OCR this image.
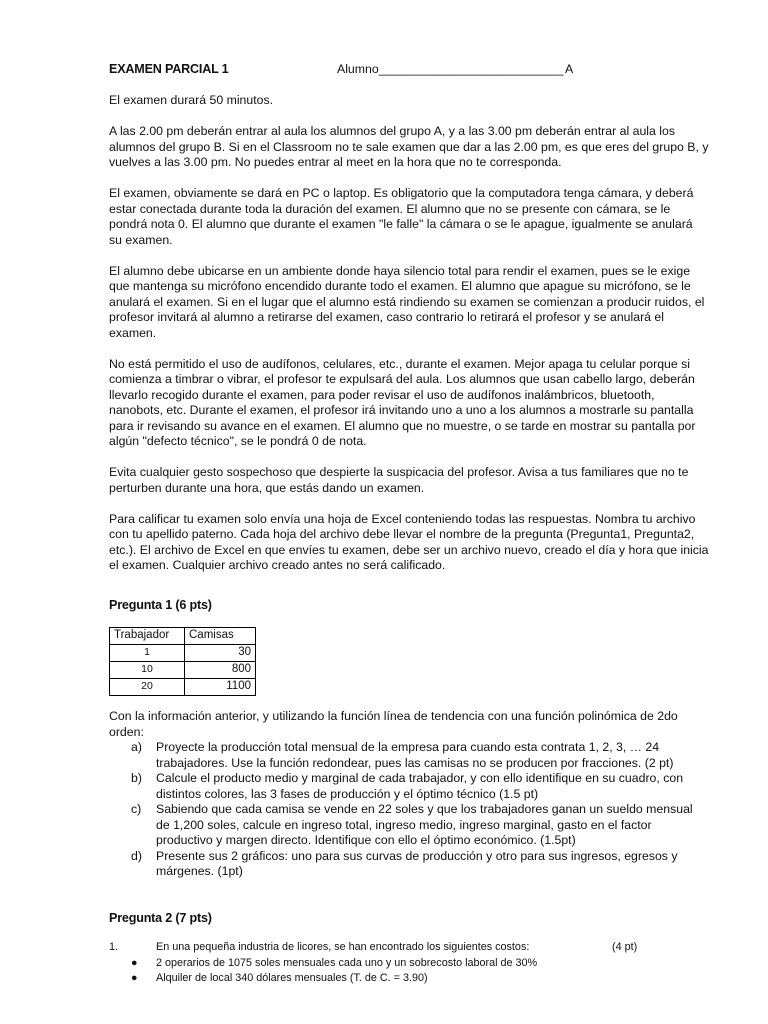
EXAMEN PARCIAL 1	Alumno___________________________ A

El examen durará 50 minutos.

A las 2.00 pm deberán entrar al aula los alumnos del grupo A, y a las 3.00 pm deberán entrar al aula los alumnos del grupo B. Si en el Classroom no te sale examen que dar a las 2.00 pm, es que eres del grupo B, y vuelves a las 3.00 pm. No puedes entrar al meet en la hora que no te corresponda.

El examen, obviamente se dará en PC o laptop. Es obligatorio que la computadora tenga cámara, y deberá estar conectada durante toda la duración del examen. El alumno que no se presente con cámara, se le pondrá nota 0. El alumno que durante el examen "le falle" la cámara o se le apague, igualmente se anulará su examen.

El alumno debe ubicarse en un ambiente donde haya silencio total para rendir el examen, pues se le exige que mantenga su micrófono encendido durante todo el examen. El alumno que apague su micrófono, se le anulará el examen. Si en el lugar que el alumno está rindiendo su examen se comienzan a producir ruidos, el profesor invitará al alumno a retirarse del examen, caso contrario lo retirará el profesor y se anulará el examen.

No está permitido el uso de audífonos, celulares, etc., durante el examen. Mejor apaga tu celular porque si comienza a timbrar o vibrar, el profesor te expulsará del aula. Los alumnos que usan cabello largo, deberán llevarlo recogido durante el examen, para poder revisar el uso de audífonos inalámbricos, bluetooth, nanobots, etc. Durante el examen, el profesor irá invitando uno a uno a los alumnos a mostrarle su pantalla para ir revisando su avance en el examen. El alumno que no muestre, o se tarde en mostrar su pantalla por algún "defecto técnico", se le pondrá 0 de nota.

Evita cualquier gesto sospechoso que despierte la suspicacia del profesor. Avisa a tus familiares que no te perturben durante una hora, que estás dando un examen.

Para calificar tu examen solo envía una hoja de Excel conteniendo todas las respuestas. Nombra tu archivo con tu apellido paterno. Cada hoja del archivo debe llevar el nombre de la pregunta (Pregunta1, Pregunta2, etc.). El archivo de Excel en que envíes tu examen, debe ser un archivo nuevo, creado el día y hora que inicia el examen. Cualquier archivo creado antes no será calificado.

Pregunta 1 (6 pts)
Trabajador	Camisas
1	30
10	800
20	1100

Con la información anterior, y utilizando la función línea de tendencia con una función polinómica de 2do orden:

a) Proyecte la producción total mensual de la empresa para cuando esta contrata 1, 2, 3, … 24 trabajadores. Use la función redondear, pues las camisas no se producen por fracciones. (2 pt)
b) Calcule el producto medio y marginal de cada trabajador, y con ello identifique en su cuadro, con distintos colores, las 3 fases de producción y el óptimo técnico (1.5 pt)
c) Sabiendo que cada camisa se vende en 22 soles y que los trabajadores ganan un sueldo mensual de 1,200 soles, calcule en ingreso total, ingreso medio, ingreso marginal, gasto en el factor productivo y margen directo. Identifique con ello el óptimo económico. (1.5pt)
d) Presente sus 2 gráficos: uno para sus curvas de producción y otro para sus ingresos, egresos y márgenes. (1pt)
Pregunta 2 (7 pts)
1.	En una pequeña industria de licores, se han encontrado los siguientes costos:	(4 pt)
● 2 operarios de 1075 soles mensuales cada uno y un sobrecosto laboral de 30%
● Alquiler de local 340 dólares mensuales (T. de C. = 3.90)
